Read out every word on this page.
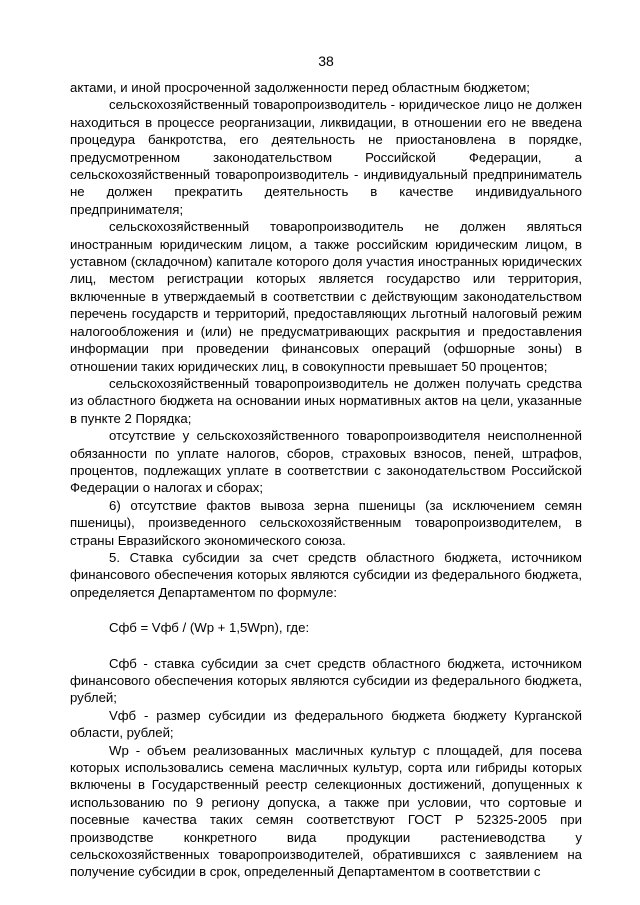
38

актами, и иной просроченной задолженности перед областным бюджетом;

сельскохозяйственный товаропроизводитель - юридическое лицо не должен находиться в процессе реорганизации, ликвидации, в отношении его не введена процедура банкротства, его деятельность не приостановлена в порядке, предусмотренном законодательством Российской Федерации, а сельскохозяйственный товаропроизводитель - индивидуальный предприниматель не должен прекратить деятельность в качестве индивидуального предпринимателя;

сельскохозяйственный товаропроизводитель не должен являться иностранным юридическим лицом, а также российским юридическим лицом, в уставном (складочном) капитале которого доля участия иностранных юридических лиц, местом регистрации которых является государство или территория, включенные в утверждаемый в соответствии с действующим законодательством перечень государств и территорий, предоставляющих льготный налоговый режим налогообложения и (или) не предусматривающих раскрытия и предоставления информации при проведении финансовых операций (офшорные зоны) в отношении таких юридических лиц, в совокупности превышает 50 процентов;

сельскохозяйственный товаропроизводитель не должен получать средства из областного бюджета на основании иных нормативных актов на цели, указанные в пункте 2 Порядка;

отсутствие у сельскохозяйственного товаропроизводителя неисполненной обязанности по уплате налогов, сборов, страховых взносов, пеней, штрафов, процентов, подлежащих уплате в соответствии с законодательством Российской Федерации о налогах и сборах;

6) отсутствие фактов вывоза зерна пшеницы (за исключением семян пшеницы), произведенного сельскохозяйственным товаропроизводителем, в страны Евразийского экономического союза.

5. Ставка субсидии за счет средств областного бюджета, источником финансового обеспечения которых являются субсидии из федерального бюджета, определяется Департаментом по формуле:

Сфб = Vфб / (Wp + 1,5Wpn), где:

Сфб - ставка субсидии за счет средств областного бюджета, источником финансового обеспечения которых являются субсидии из федерального бюджета, рублей;

Vфб - размер субсидии из федерального бюджета бюджету Курганской области, рублей;

Wp - объем реализованных масличных культур с площадей, для посева которых использовались семена масличных культур, сорта или гибриды которых включены в Государственный реестр селекционных достижений, допущенных к использованию по 9 региону допуска, а также при условии, что сортовые и посевные качества таких семян соответствуют ГОСТ Р 52325-2005 при производстве конкретного вида продукции растениеводства у сельскохозяйственных товаропроизводителей, обратившихся с заявлением на получение субсидии в срок, определенный Департаментом в соответствии с
